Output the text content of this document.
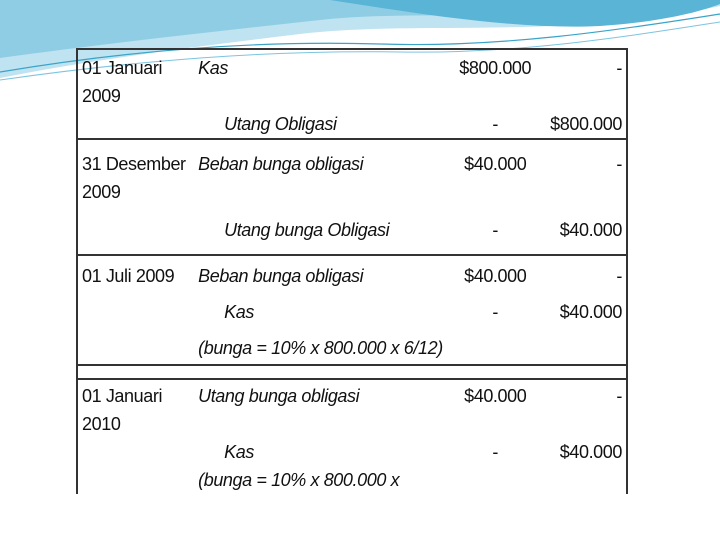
01 Januari 2009	Kas	$800.000	-
	Utang Obligasi	-	$800.000
31 Desember 2009	Beban bunga obligasi	$40.000	-
	Utang bunga Obligasi	-	$40.000
01 Juli 2009	Beban bunga obligasi	$40.000	-
	Kas	-	$40.000
	(bunga = 10% x 800.000 x 6/12)		

01 Januari 2010	Utang bunga obligasi	$40.000	-
	Kas	-	$40.000
	(bunga = 10% x 800.000 x		
